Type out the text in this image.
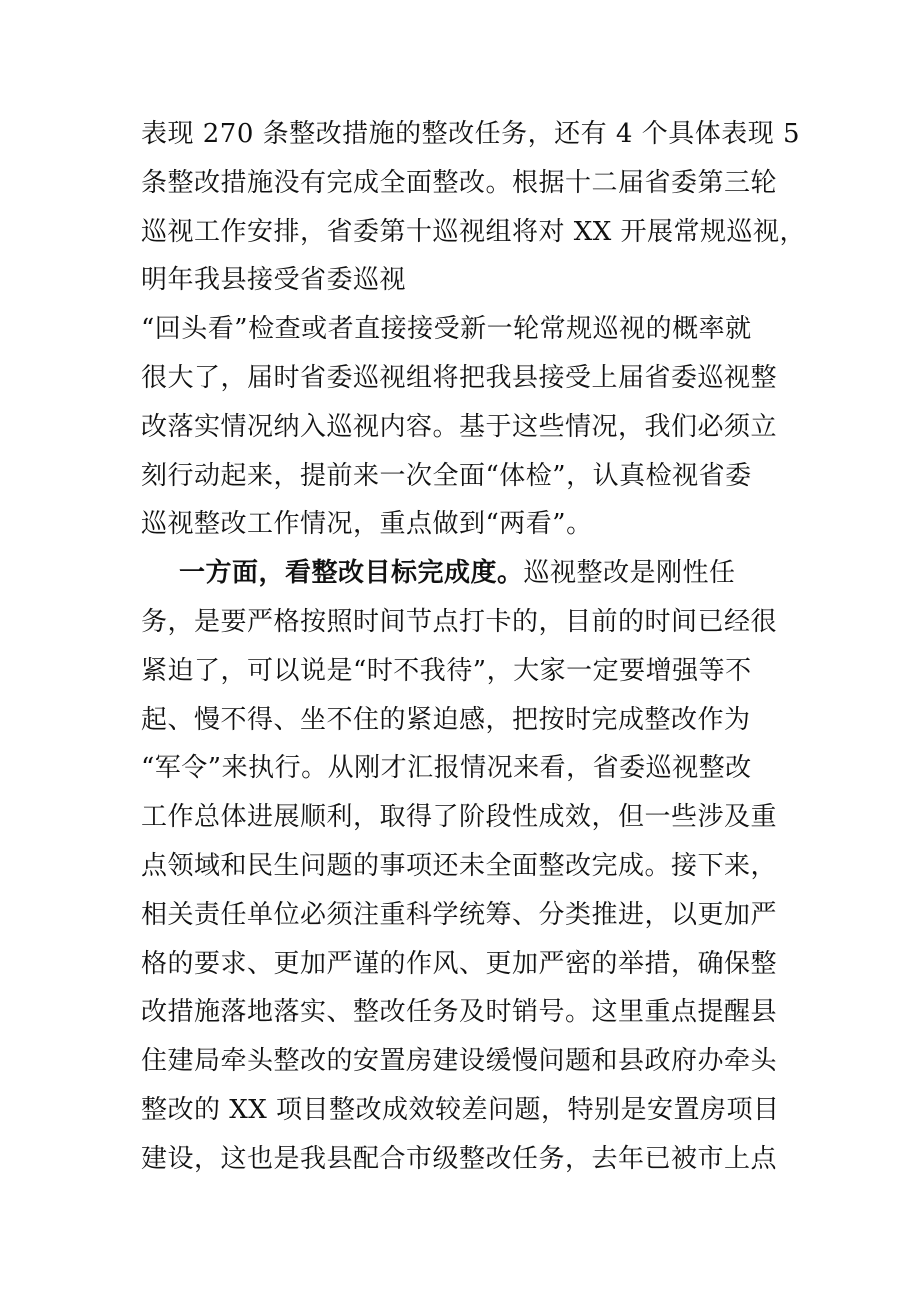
表现 270 条整改措施的整改任务，还有 4 个具体表现 5
条整改措施没有完成全面整改。根据十二届省委第三轮
巡视工作安排，省委第十巡视组将对 XX 开展常规巡视，
明年我县接受省委巡视
“回头看”检查或者直接接受新一轮常规巡视的概率就
很大了，届时省委巡视组将把我县接受上届省委巡视整
改落实情况纳入巡视内容。基于这些情况，我们必须立
刻行动起来，提前来一次全面“体检”，认真检视省委
巡视整改工作情况，重点做到“两看”。
一方面，看整改目标完成度。巡视整改是刚性任
务，是要严格按照时间节点打卡的，目前的时间已经很
紧迫了，可以说是“时不我待”，大家一定要增强等不
起、慢不得、坐不住的紧迫感，把按时完成整改作为
“军令”来执行。从刚才汇报情况来看，省委巡视整改
工作总体进展顺利，取得了阶段性成效，但一些涉及重
点领域和民生问题的事项还未全面整改完成。接下来，
相关责任单位必须注重科学统筹、分类推进，以更加严
格的要求、更加严谨的作风、更加严密的举措，确保整
改措施落地落实、整改任务及时销号。这里重点提醒县
住建局牵头整改的安置房建设缓慢问题和县政府办牵头
整改的 XX 项目整改成效较差问题，特别是安置房项目
建设，这也是我县配合市级整改任务，去年已被市上点
